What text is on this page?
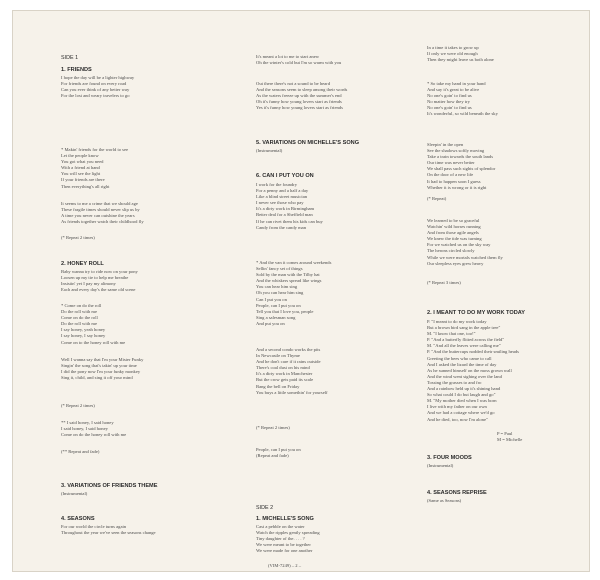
SIDE 1
1. FRIENDS
I hope the day will be a lighter highway
For friends are found on every road
Can you ever think of any better way
For the lost and weary travelers to go
* Makin' friends for the world to see
Let the people know
You got what you need
With a friend at hand
You will see the light
If your friends are there
Then everything's all right
It seems to me a crime that we should age
These fragile times should never slip us by
A time you never can outshine the years
As friends together watch their childhood fly
(* Repeat 2 times)
2. HONEY ROLL
Baby wanna try to ride now on your pony
Loosen up my tie to help me breathe
Insistin' yet I pay my alimony
Each and every day's the same old scene
* Come on do the roll
Do the roll with me
Come on do the roll
Do the roll with me
I say honey, yeah honey
I say honey, I say honey
Come on to the honey roll with me
Well I wanna say that I'm your Mister Funky
Singin' the song that's takin' up your time
I did the pony now I'm your funky monkey
Sing it, child, and sing it off your mind
(* Repeat 2 times)
** I said honey, I said honey
I said honey, I said honey
Come on do the honey roll with me
(** Repeat and fade)
3. VARIATIONS OF FRIENDS THEME
(Instrumental)
4. SEASONS
For our world the circle turns again
Throughout the year we've seen the seasons change
It's meant a lot to me to start anew
Oh the winter's cold but I'm so warm with you
Out there there's not a sound to be heard
And the seasons seem to sleep among their words
As the waters freeze up with the summer's end
Oh it's funny how young lovers start as friends
Yes it's funny how young lovers start as friends
5. VARIATIONS ON MICHELLE'S SONG
(Instrumental)
6. CAN I PUT YOU ON
I work for the foundry
For a penny and a half a day
Like a blind street musician
I never see those who pay
It's a dirty work in Birmingham
Better deal for a Sheffield man
If he can rivet them his kids can buy
Candy from the candy man
* And the van it comes around weekends
Sellin' fancy set of things
Sold by the man with the Tilby hat
And the whiskers spread like wings
You can hear him sing
Oh you can hear him sing
Can I put you on
People, can I put you on
Tell you that I love you, people
Sing a salesman song
And put you on
And a second condo works the pits
In Newcastle on Thyme
And he don't care if it rains outside
There's coal dust on his mind
It's a dirty work in Manchester
But the crow gets paid its scale
Bang the bell on Friday
You buys a little somethin' for yourself
(* Repeat 2 times)
People, can I put you on
(Repeat and fade)
SIDE 2
1. MICHELLE'S SONG
Cast a pebble on the water
Watch the ripples gently spreading
Tiny daughter of the. . . . ?
We were meant to be together
We were made for one another
In a time it takes to grow up
If only we were old enough
Then they might leave us both alone
* So take my hand in your hand
And say it's great to be alive
No one's goin' to find us
No matter how they try
No one's goin' to find us
It's wonderful, so wild beneath the sky
Sleepin' in the open
See the shadows softly moving
Take a train towards the south lands
Our time was never better
We shall pass such sights of splendor
On the door of a new life
It had to happen soon I guess
Whether it is wrong or it is right
(* Repeat)
We learned to be so graceful
Watchin' wild horses running
And from those agile angels
We knew the tide was turning
For we watched us on the sky way
The herons circled slowly
While we were mortals watched them fly
Our sleepless eyes grew heavy
(* Repeat 3 times)
2. I MEANT TO DO MY WORK TODAY
P. "I meant to do my work today
But a brown bird sang in the apple tree"
M. "I know that one, too!"
P. "And a butterfly flitted across the field"
M. "And all the leaves were calling me"
P. "And the buttercups nodded their smiling heads
Greeting the bees who came to call
And I asked the lizard the time of day
As he sunned himself on the moss grown wall
And the wind went sighing over the land
Tossing the grasses to and fro
And a rainbow held up it's shining hand
So what could I do but laugh and go"
M. "My mother died when I was born
I live with my father on our own
And we had a cottage where we'd go
And he died, too, now I'm alone"
P = Paul
M = Michelle
3. FOUR MOODS
(Instrumental)
4. SEASONS REPRISE
(Same as Seasons)
(VIM-7249) – 2 –
